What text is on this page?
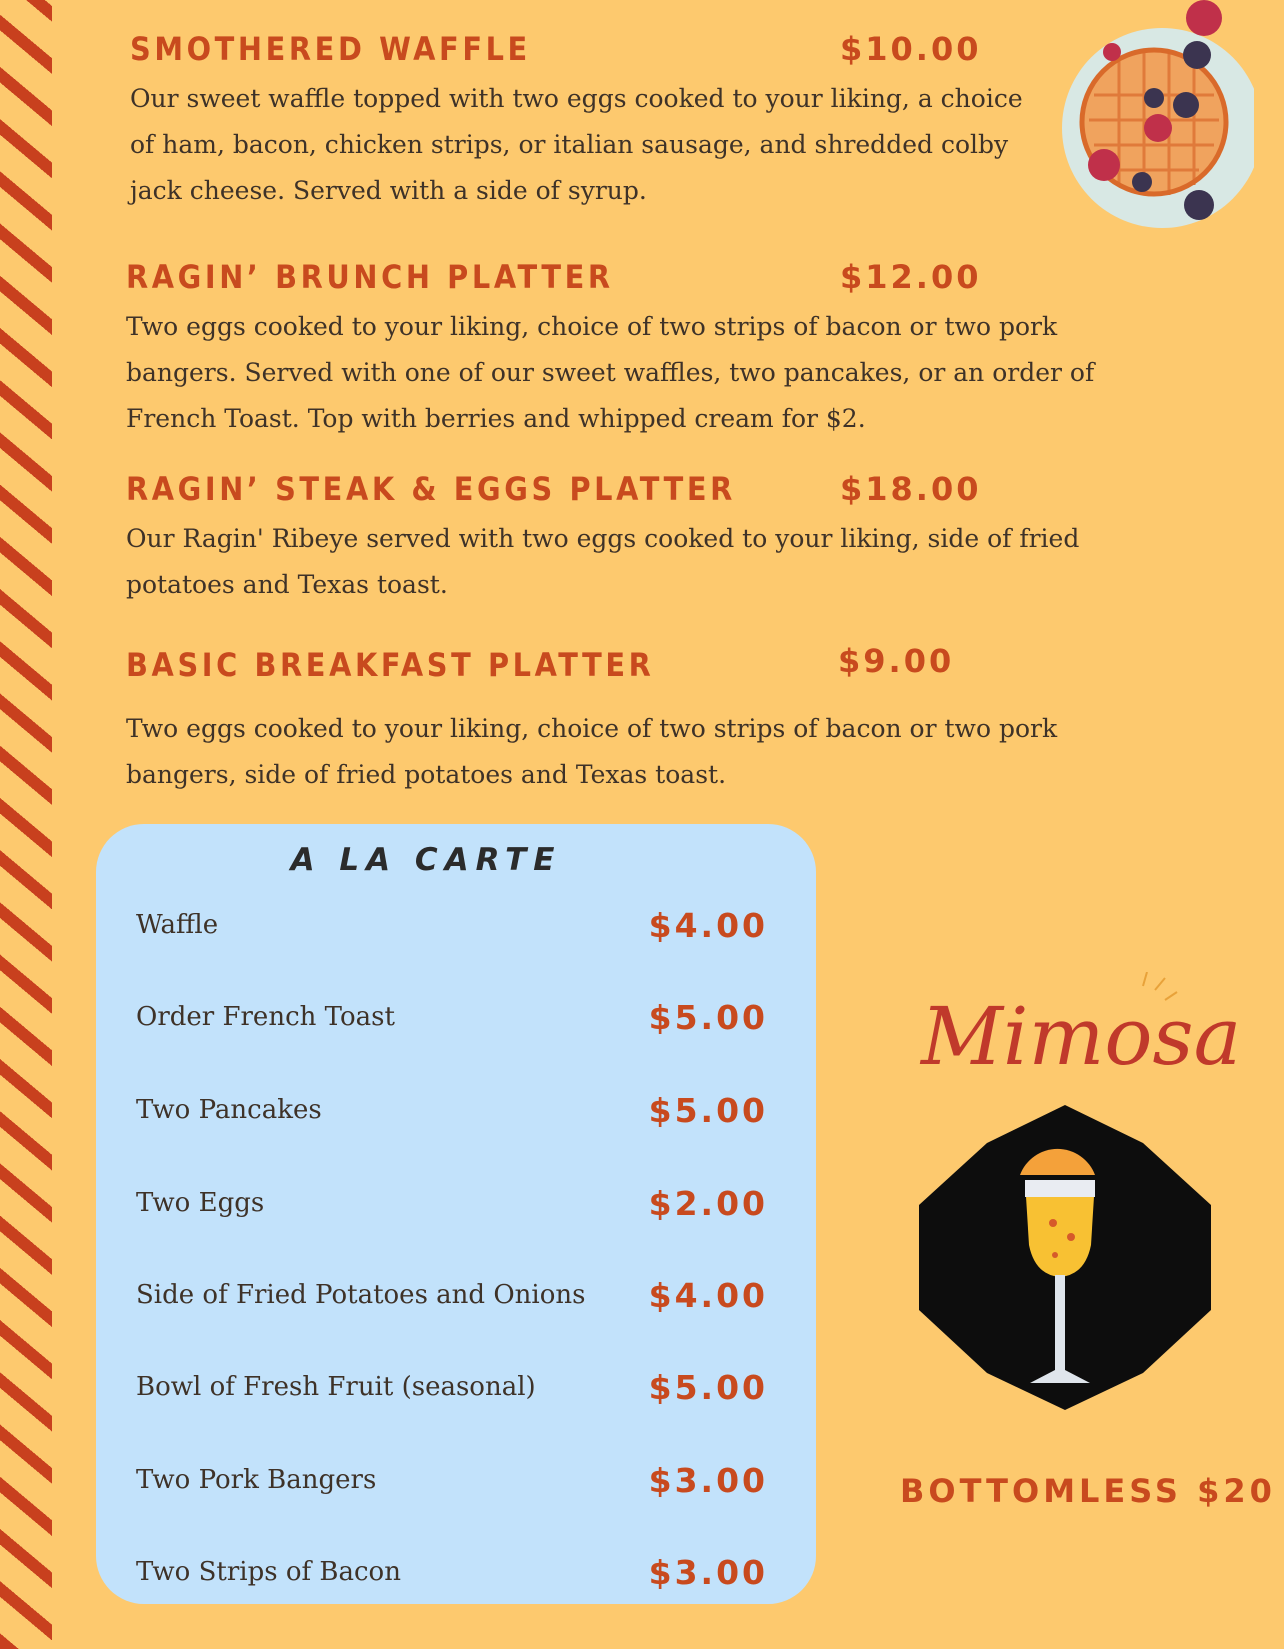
SMOTHERED WAFFLE	$10.00

Our sweet waffle topped with two eggs cooked to your liking, a choice of ham, bacon, chicken strips, or italian sausage, and shredded colby jack cheese. Served with a side of syrup.

RAGIN’ BRUNCH PLATTER	$12.00

Two eggs cooked to your liking, choice of two strips of bacon or two pork bangers. Served with one of our sweet waffles, two pancakes, or an order of French Toast. Top with berries and whipped cream for $2.

RAGIN’ STEAK & EGGS PLATTER	$18.00

Our Ragin' Ribeye served with two eggs cooked to your liking, side of fried potatoes and Texas toast.

BASIC BREAKFAST PLATTER	$9.00

Two eggs cooked to your liking, choice of two strips of bacon or two pork bangers, side of fried potatoes and Texas toast.

A LA CARTE
Waffle	$4.00
Order French Toast	$5.00
Two Pancakes	$5.00
Two Eggs	$2.00
Side of Fried Potatoes and Onions $4.00
Bowl of Fresh Fruit (seasonal)	$5.00
Two Pork Bangers	$3.00
Two Strips of Bacon	$3.00
Mimosa
BOTTOMLESS $20
